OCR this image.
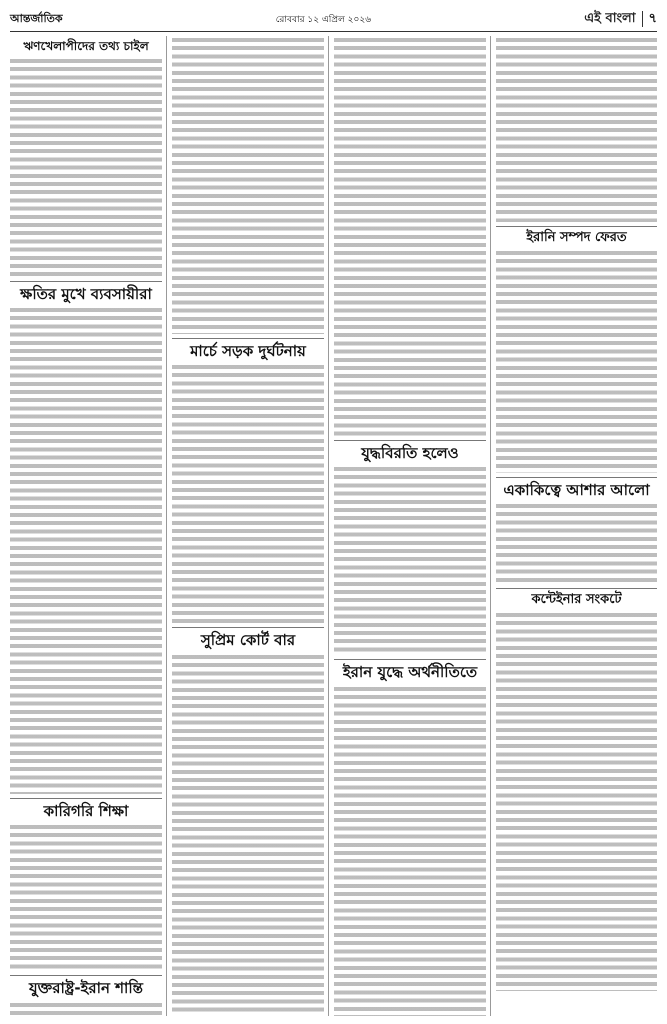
আন্তর্জাতিক	রোববার ১২ এপ্রিল ২০২৬	এই বাংলা ৭
ঋণখেলাপীদের তথ্য চাইল
ক্ষতির মুখে ব্যবসায়ীরা
কারিগরি শিক্ষা
যুক্তরাষ্ট্র-ইরান শান্তি
মার্চে সড়ক দুর্ঘটনায়
সুপ্রিম কোর্ট বার
যুদ্ধবিরতি হলেও
ইরান যুদ্ধে অর্থনীতিতে
ইরানি সম্পদ ফেরত
একাকিত্বে আশার আলো
কন্টেইনার সংকটে
